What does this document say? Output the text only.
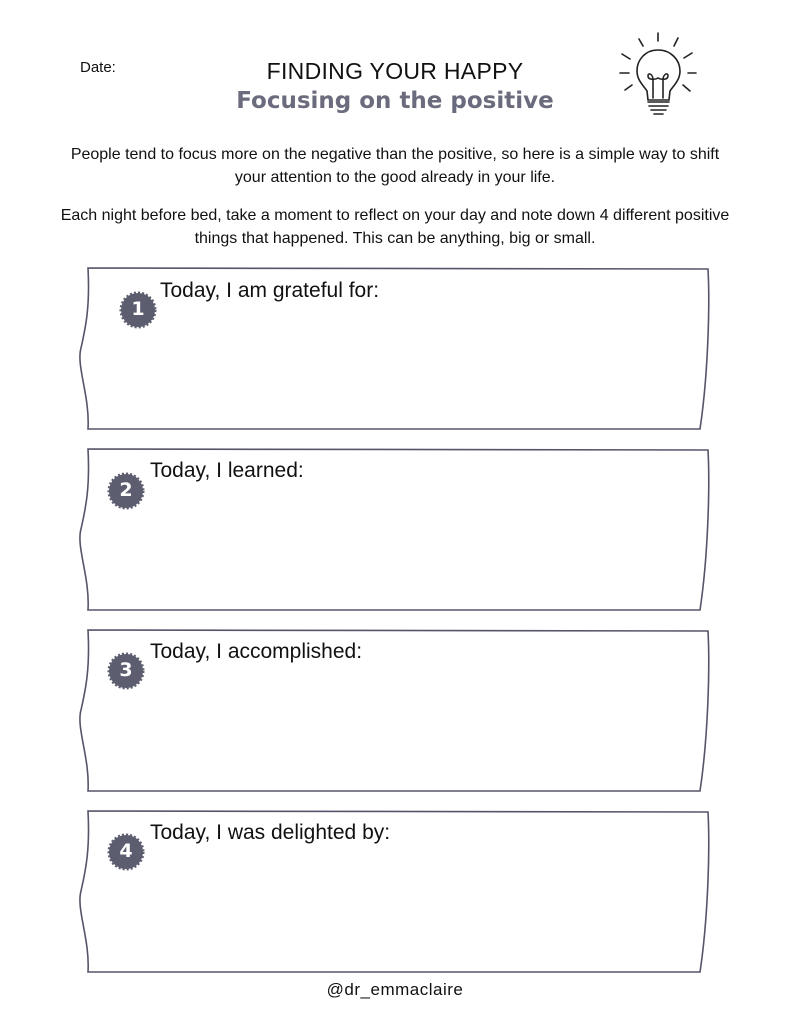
Date:	FINDING YOUR HAPPY
Focusing on the positive
People tend to focus more on the negative than the positive, so here is a simple way to shift your attention to the good already in your life.
Each night before bed, take a moment to reflect on your day and note down 4 different positive things that happened. This can be anything, big or small.
1
Today, I am grateful for:
2
Today, I learned:
3
Today, I accomplished:
4
Today, I was delighted by:
@dr_emmaclaire
